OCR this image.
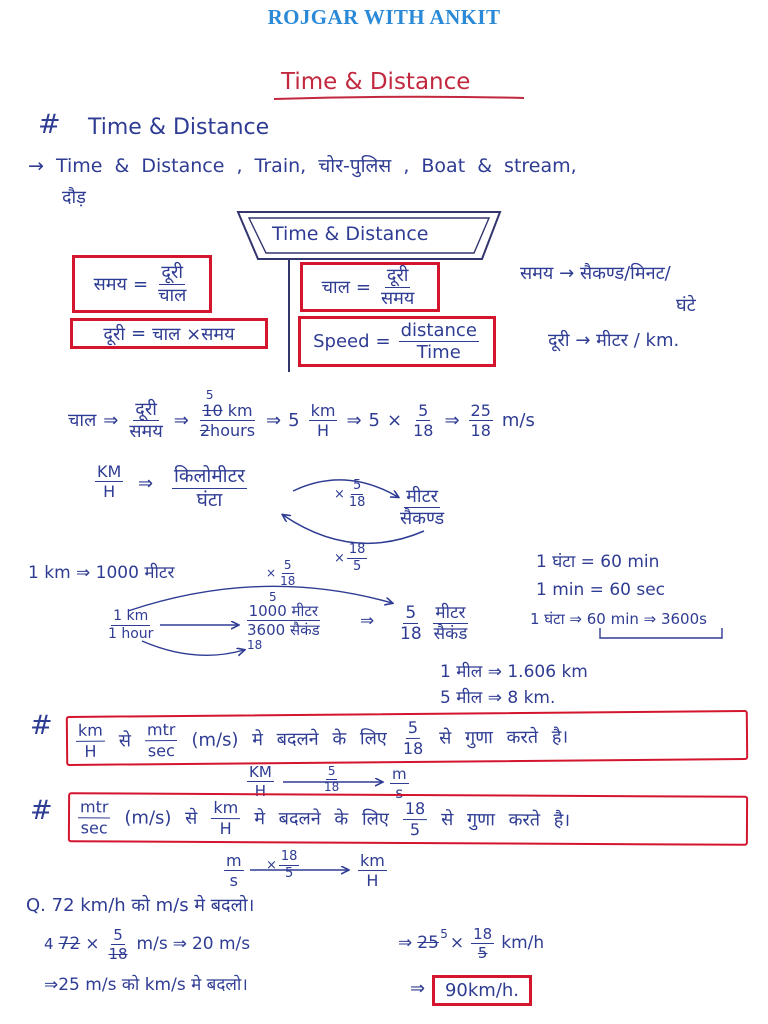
ROJGAR WITH ANKIT
Time & Distance
# Time & Distance
→ Time & Distance , Train, चोर-पुलिस , Boat & stream,
दौड़
Time & Distance
समय = $\frac{\text{दूरी}}{\text{चाल}}$
दूरी = चाल ×समय
चाल = $\frac{\text{दूरी}}{\text{समय}}$
Speed = $\frac{\text{distance}}{\text{Time}}$
समय → सैकण्ड/मिनट/
घंटे
दूरी → मीटर / km.
चाल ⇒ $\frac{\text{दूरी}}{\text{समय}}$ ⇒
5
10 km
2hours
⇒ $5 \frac{km}{H}$ ⇒ $5 \times \frac{5}{18}$ ⇒ $\frac{25}{18} m/s$
$\frac{KM}{H}$ ⇒ $\frac{\text{किलोमीटर}}{\text{घंटा}}$	× $\frac{5}{18} \frac{\text{मीटर}}{\text{सैकण्ड}}$
× $\frac{18}{5}$
1 km ⇒ 1000 मीटर	× $\frac{5}{18}$	1 घंटा = 60 min
1 min = 60 sec
1 घंटा ⇒ 60 min ⇒ 3600s
$\frac{1 km}{\text{1 hour}}$
5
1000 मीटर
3600 सैकंड
18
⇒ $\frac{5}{18} \frac{\text{मीटर}}{\text{सैकंड}}$
1 मील ⇒ 1.606 km
5 मील ⇒ 8 km.
# $\frac{km}{H}$ से $\frac{\text{mtr}}{\sec} (m/s)$ मे बदलने के लिए $\frac{5}{18}$ से गुणा करते है।
$\frac{KM}{H}$	$\frac{5}{18}$	$\frac{m}{s}$
# $\frac{\text{mtr}}{\sec} (m/s)$ से $\frac{km}{H}$ मे बदलने के लिए $\frac{18}{5}$ से गुणा करते है।
$\frac{m}{s} \times \frac{18}{5}$	$\frac{km}{H}$
Q. 72 km/h को m/s मे बदलो।
4 $72 \times \frac{5}{18} m/s$ ⇒ 20 m/s	⇒ 25 $5 \times \frac{18}{5} km/h$
⇒25 m/s को km/s मे बदलो।	⇒ 90km/h.
